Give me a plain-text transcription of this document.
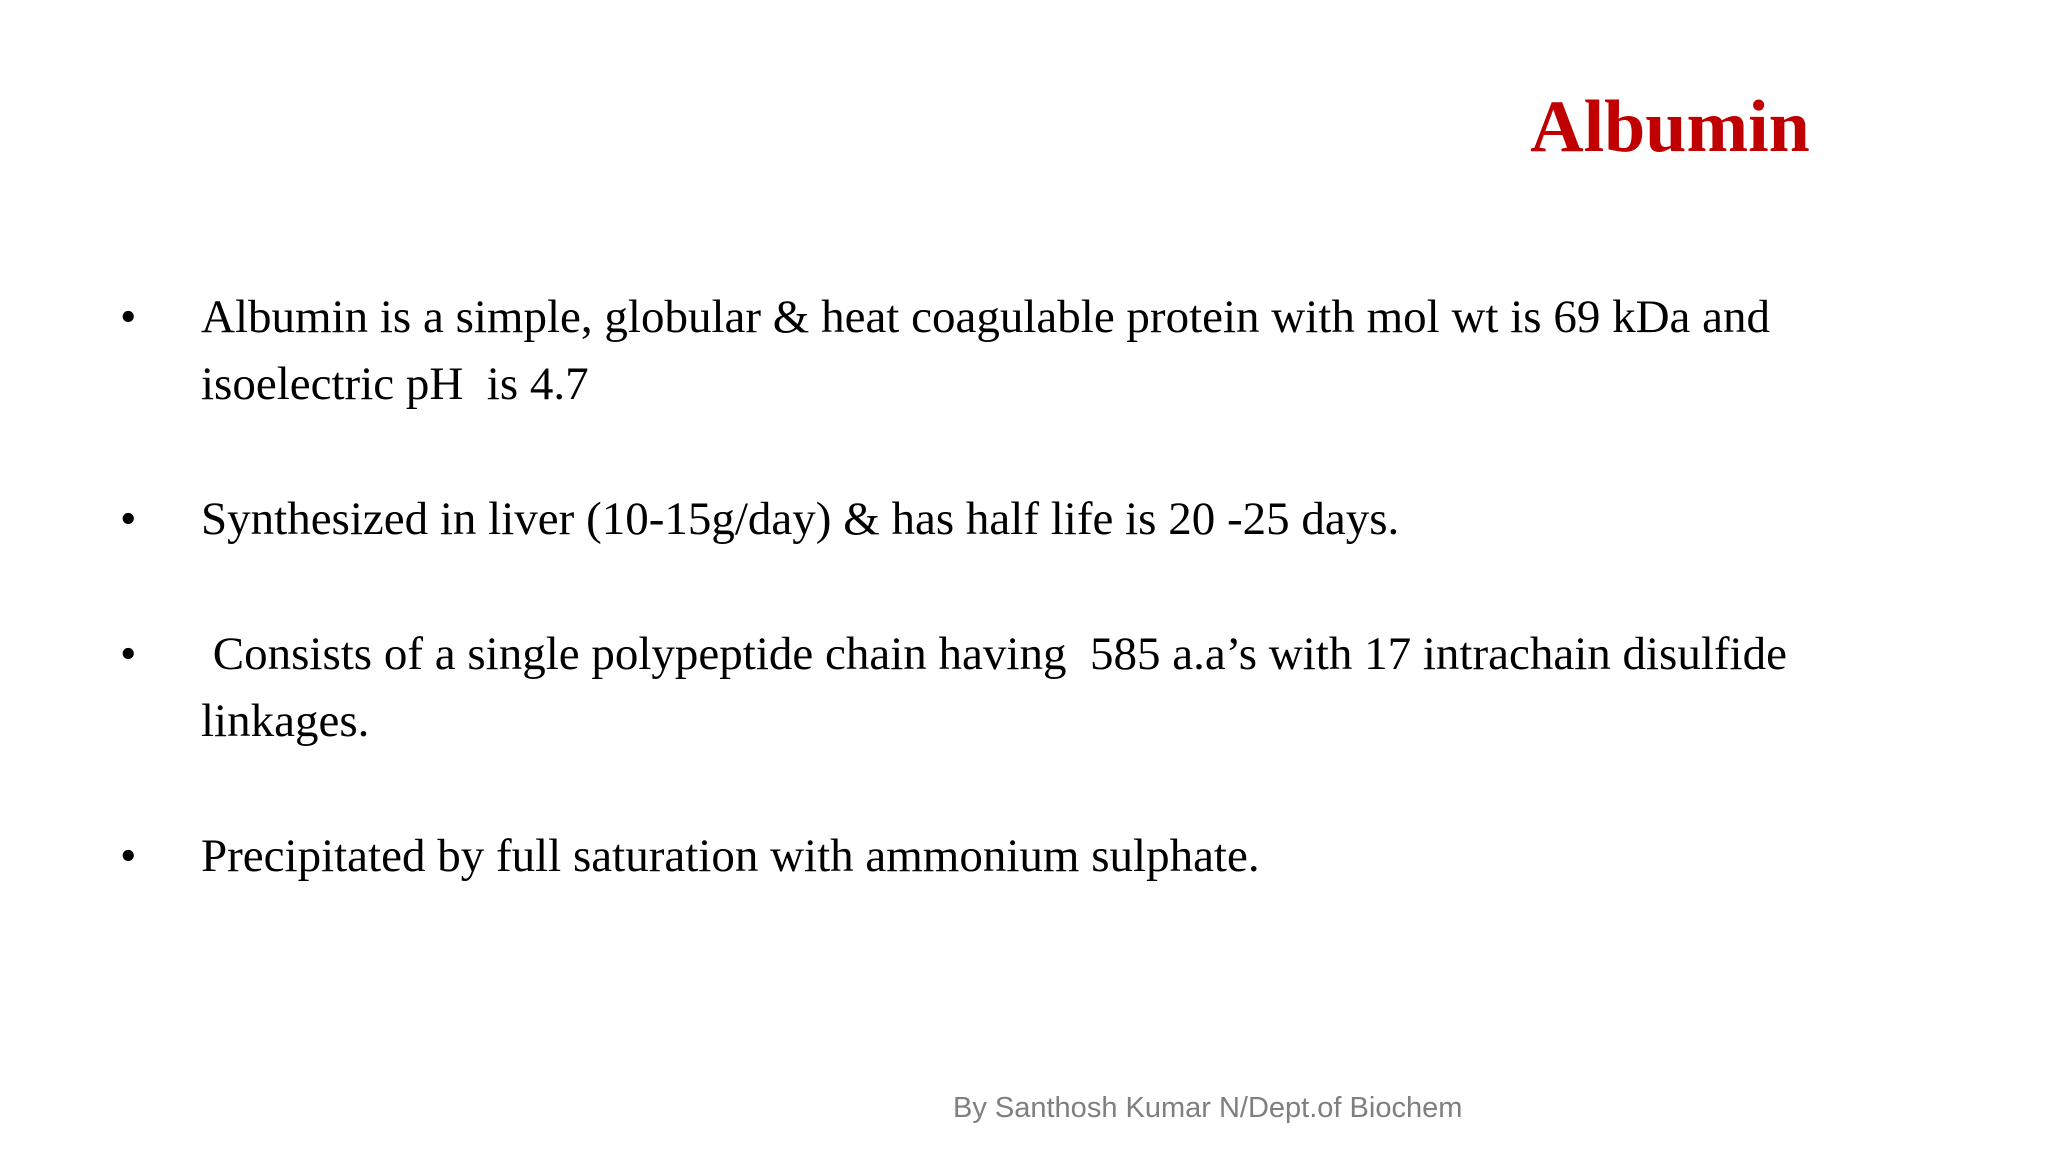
Albumin
•	Albumin is a simple, globular & heat coagulable protein with mol wt is 69 kDa and isoelectric pH  is 4.7
•	Synthesized in liver (10-15g/day) & has half life is 20 -25 days.
•	Consists of a single polypeptide chain having  585 a.a’s with 17 intrachain disulfide linkages.
•	Precipitated by full saturation with ammonium sulphate.
By Santhosh Kumar N/Dept.of Biochem
